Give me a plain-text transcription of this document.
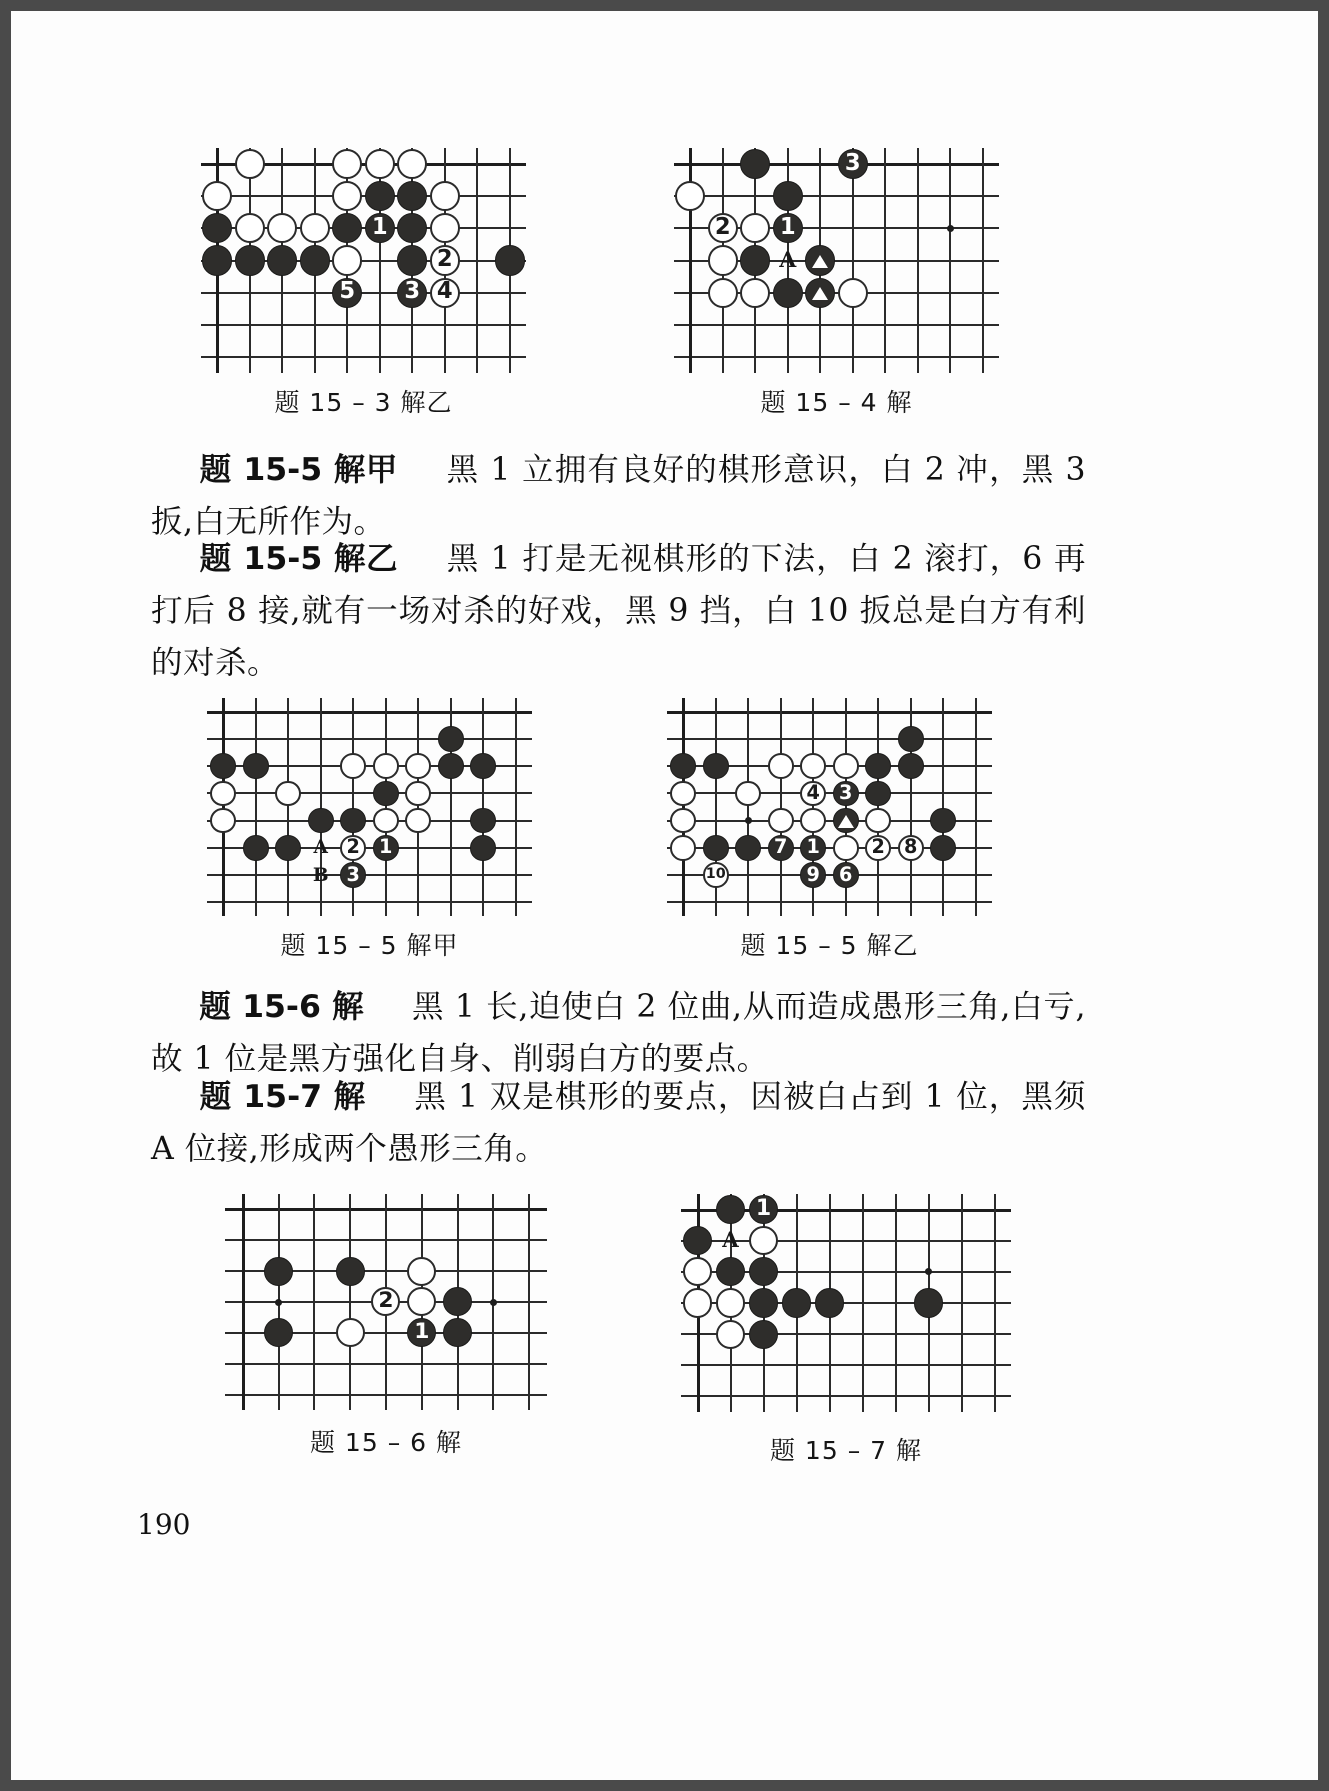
1
2
5 3 4
题 15 – 3 解乙
A
3
2 1
题 15 – 4 解
题 15-5 解甲 黑 1 立拥有良好的棋形意识，白 2 冲，黑 3 扳,白无所作为。
题 15-5 解乙 黑 1 打是无视棋形的下法，白 2 滚打，6 再打后 8 接,就有一场对杀的好戏，黑 9 挡，白 10 扳总是白方有利的对杀。
A
B
2 1
3
题 15 – 5 解甲
4 3
7 1	2 8
10	9 6
题 15 – 5 解乙
题 15-6 解 黑 1 长,迫使白 2 位曲,从而造成愚形三角,白亏,故 1 位是黑方强化自身、削弱白方的要点。
题 15-7 解 黑 1 双是棋形的要点，因被白占到 1 位，黑须 A 位接,形成两个愚形三角。
2
1
题 15 – 6 解
A
1
题 15 – 7 解
190
